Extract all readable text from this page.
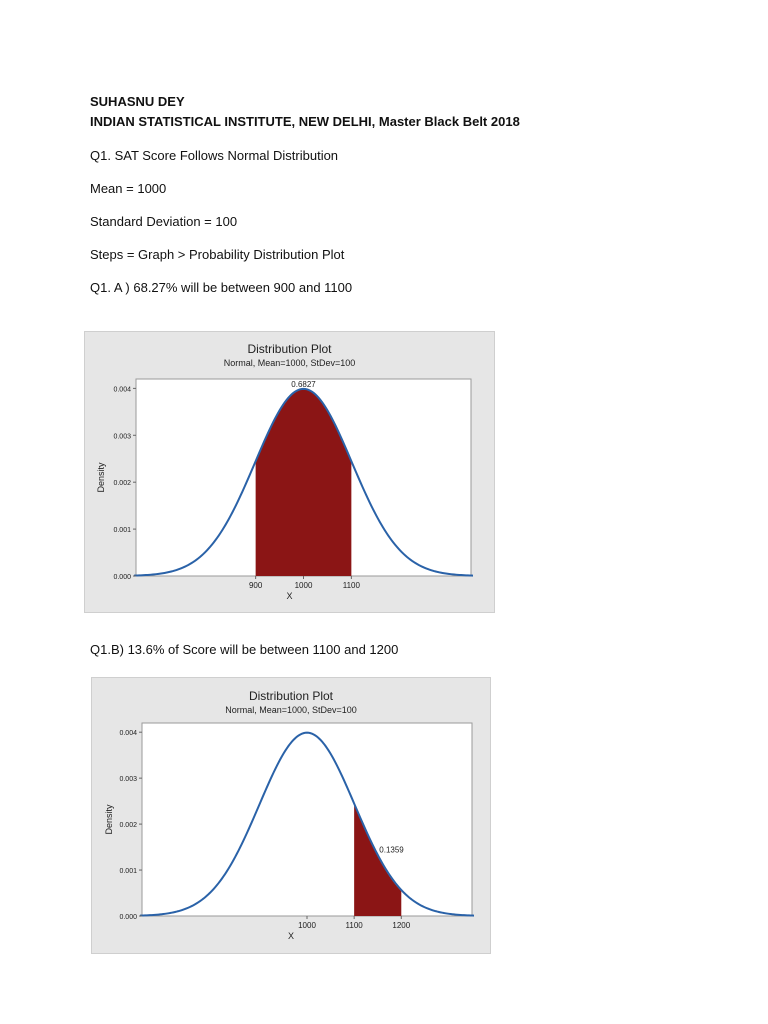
SUHASNU DEY
INDIAN STATISTICAL INSTITUTE, NEW DELHI, Master Black Belt 2018
Q1. SAT Score Follows Normal Distribution
Mean = 1000
Standard Deviation = 100
Steps = Graph > Probability Distribution Plot
Q1. A ) 68.27% will be between 900 and 1100
Distribution Plot
Normal, Mean=1000, StDev=100
0.000
0.001
0.002
0.003
0.004
900	1000	1100
X
Density
0.6827
Q1.B) 13.6% of Score will be between 1100 and 1200
Distribution Plot
Normal, Mean=1000, StDev=100
0.000
0.001
0.002
0.003
0.004
1000	1100	1200
X
Density
0.1359
